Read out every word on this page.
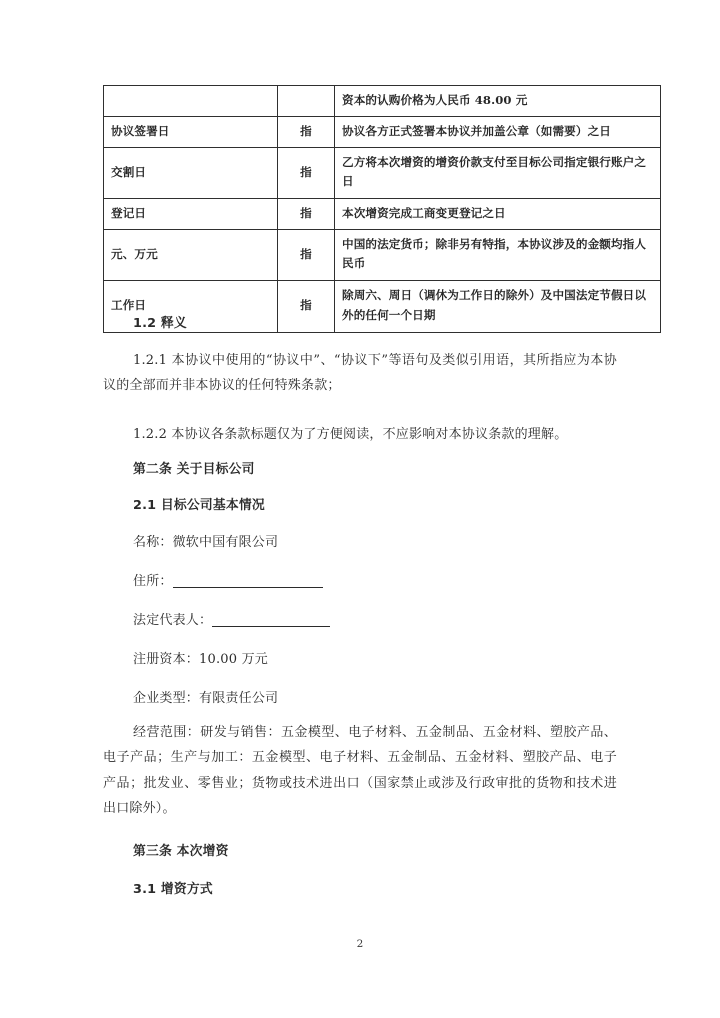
		资本的认购价格为人民币 48.00 元
协议签署日	指	协议各方正式签署本协议并加盖公章（如需要）之日
交割日	指	乙方将本次增资的增资价款支付至目标公司指定银行账户之日
登记日	指	本次增资完成工商变更登记之日
元、万元	指	中国的法定货币；除非另有特指，本协议涉及的金额均指人民币
工作日	指	除周六、周日（调休为工作日的除外）及中国法定节假日以外的任何一个日期
1.2 释义
1.2.1 本协议中使用的“协议中”、“协议下”等语句及类似引用语，其所指应为本协议的全部而并非本协议的任何特殊条款；
1.2.2 本协议各条款标题仅为了方便阅读，不应影响对本协议条款的理解。
第二条 关于目标公司
2.1 目标公司基本情况
名称：微软中国有限公司
住所：
法定代表人：
注册资本：10.00 万元
企业类型：有限责任公司
经营范围：研发与销售：五金模型、电子材料、五金制品、五金材料、塑胶产品、电子产品；生产与加工：五金模型、电子材料、五金制品、五金材料、塑胶产品、电子产品；批发业、零售业；货物或技术进出口（国家禁止或涉及行政审批的货物和技术进出口除外）。
第三条 本次增资
3.1 增资方式
2
